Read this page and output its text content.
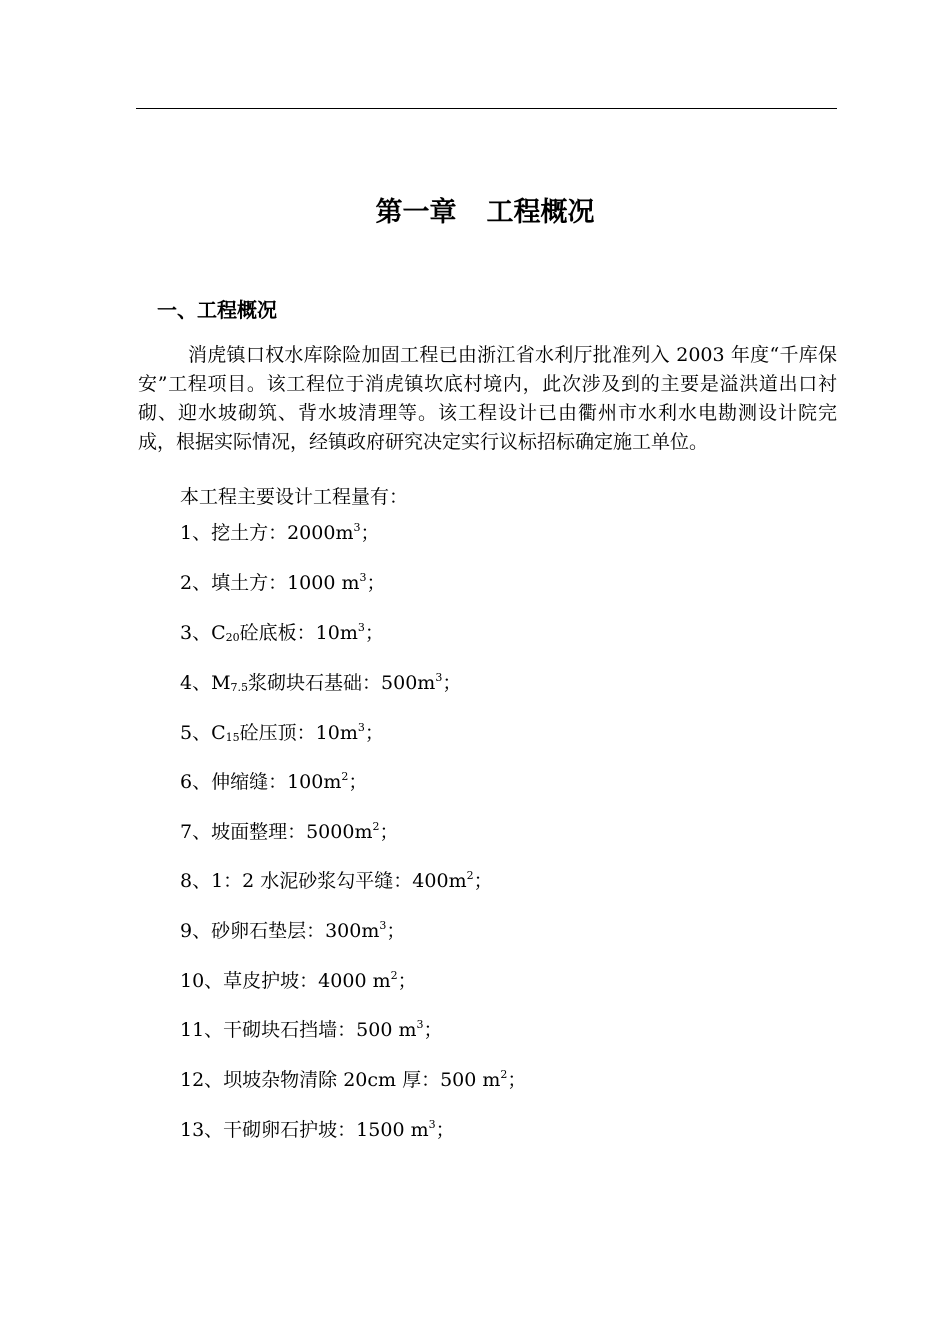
第一章 工程概况
一、工程概况
消虎镇口权水库除险加固工程已由浙江省水利厅批准列入 2003 年度“千库保安”工程项目。该工程位于消虎镇坎底村境内，此次涉及到的主要是溢洪道出口衬砌、迎水坡砌筑、背水坡清理等。该工程设计已由衢州市水利水电勘测设计院完成，根据实际情况，经镇政府研究决定实行议标招标确定施工单位。
本工程主要设计工程量有：
1、挖土方：$2000m^3$；
2、填土方：1000 $m^3$；
3、$C_{20}$砼底板：$10m^3$；
4、$M_{7.5}$浆砌块石基础：$500m^3$；
5、$C_{15}$砼压顶：$10m^3$；
6、伸缩缝：$100m^2$；
7、坡面整理：$5000m^2$；
8、1：2 水泥砂浆勾平缝：$400m^2$；
9、砂卵石垫层：$300m^3$；
10、草皮护坡：4000 $m^2$；
11、干砌块石挡墙：500 $m^3$；
12、坝坡杂物清除 20cm 厚：500 $m^2$；
13、干砌卵石护坡：1500 $m^3$；
